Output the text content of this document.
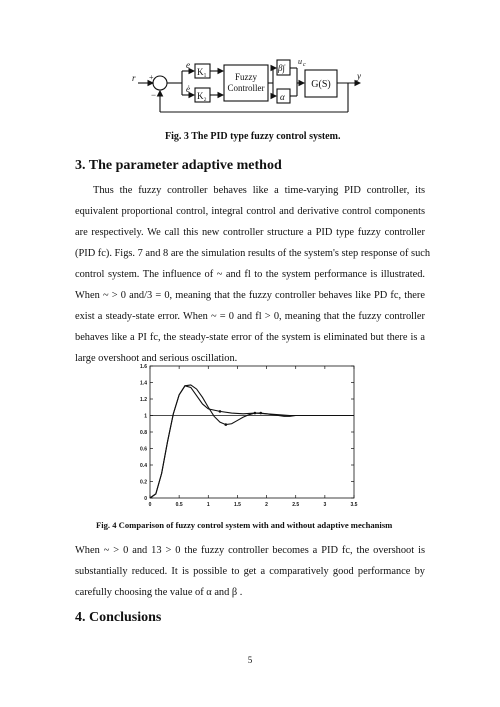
r +
−
e
ė
K₁
K₂
Fuzzy
Controller
β∫
α
u c
G(S)
y
Fig. 3 The PID type fuzzy control system.
3. The parameter adaptive method
Thus the fuzzy controller behaves like a time-varying PID controller, its
equivalent proportional control, integral control and derivative control components
are respectively. We call this new controller structure a PID type fuzzy controller
(PID fc). Figs. 7 and 8 are the simulation results of the system's step response of such
control system. The influence of ~ and fl to the system performance is illustrated.
When ~ > 0 and/3 = 0, meaning that the fuzzy controller behaves like PD fc, there
exist a steady-state error. When ~ = 0 and fl > 0, meaning that the fuzzy controller
behaves like a PI fc, the steady-state error of the system is eliminated but there is a
large overshoot and serious oscillation.
0	0.5	1	1.5	2	2.5	3	3.5
0
0.2
0.4
0.6
0.8
1
1.2
1.4
1.6
Fig. 4 Comparison of fuzzy control system with and without adaptive mechanism
When ~ > 0 and 13 > 0 the fuzzy controller becomes a PID fc, the overshoot is
substantially reduced. It is possible to get a comparatively good performance by
carefully choosing the value of α and β .
4. Conclusions
5
